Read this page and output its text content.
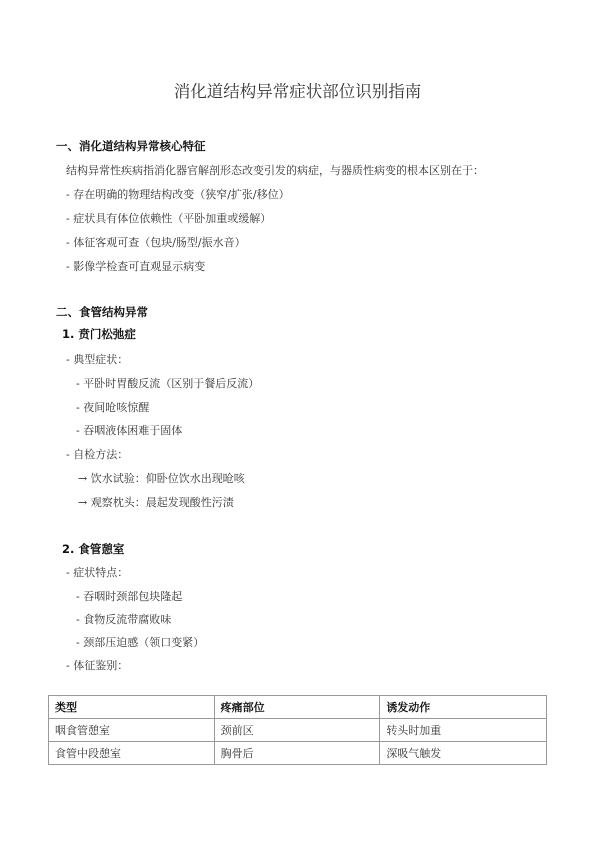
消化道结构异常症状部位识别指南
一、消化道结构异常核心特征
结构异常性疾病指消化器官解剖形态改变引发的病症，与器质性病变的根本区别在于：
- 存在明确的物理结构改变（狭窄/扩张/移位）
- 症状具有体位依赖性（平卧加重或缓解）
- 体征客观可查（包块/肠型/振水音）
- 影像学检查可直观显示病变
二、食管结构异常
1. 贲门松弛症
- 典型症状：
- 平卧时胃酸反流（区别于餐后反流）
- 夜间呛咳惊醒
- 吞咽液体困难于固体
- 自检方法：
→ 饮水试验：仰卧位饮水出现呛咳
→ 观察枕头：晨起发现酸性污渍
2. 食管憩室
- 症状特点：
- 吞咽时颈部包块隆起
- 食物反流带腐败味
- 颈部压迫感（领口变紧）
- 体征鉴别：
类型	疼痛部位	诱发动作
咽食管憩室	颈前区	转头时加重
食管中段憩室	胸骨后	深吸气触发
